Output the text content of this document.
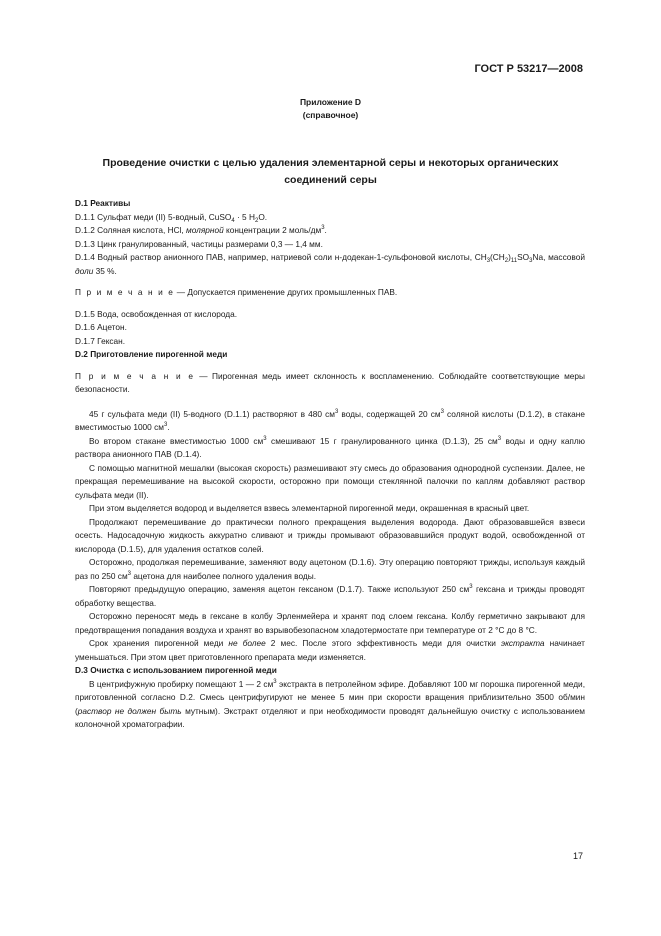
ГОСТ Р 53217—2008
Приложение D
(справочное)
Проведение очистки с целью удаления элементарной серы и некоторых органических
соединений серы

D.1 Реактивы

D.1.1 Сульфат меди (II) 5-водный, CuSO$_4$ · 5 $H_2O$.

D.1.2 Соляная кислота, HCl, молярной концентрации 2 моль/$дм^3$.

D.1.3 Цинк гранулированный, частицы размерами 0,3 — 1,4 мм.

D.1.4 Водный раствор анионного ПАВ, например, натриевой соли н-додекан-1-сульфоновой кислоты, $CH_3(CH_2)_{11}SO_3Na$, массовой доли 35 %.

П р и м е ч а н и е — Допускается применение других промышленных ПАВ.

D.1.5 Вода, освобожденная от кислорода.

D.1.6 Ацетон.

D.1.7 Гексан.

D.2 Приготовление пирогенной меди

П р и м е ч а н и е — Пирогенная медь имеет склонность к воспламенению. Соблюдайте соответствующие меры безопасности.

45 г сульфата меди (II) 5-водного (D.1.1) растворяют в 480 $см^3$ воды, содержащей 20 $см^3$ соляной кислоты (D.1.2), в стакане вместимостью 1000 $см^3$.

Во втором стакане вместимостью 1000 $см^3$ смешивают 15 г гранулированного цинка (D.1.3), 25 $см^3$ воды и одну каплю раствора анионного ПАВ (D.1.4).

С помощью магнитной мешалки (высокая скорость) размешивают эту смесь до образования однородной суспензии. Далее, не прекращая перемешивание на высокой скорости, осторожно при помощи стеклянной палочки по каплям добавляют раствор сульфата меди (II).

При этом выделяется водород и выделяется взвесь элементарной пирогенной меди, окрашенная в красный цвет.

Продолжают перемешивание до практически полного прекращения выделения водорода. Дают образовавшейся взвеси осесть. Надосадочную жидкость аккуратно сливают и трижды промывают образовавшийся продукт водой, освобожденной от кислорода (D.1.5), для удаления остатков солей.

Осторожно, продолжая перемешивание, заменяют воду ацетоном (D.1.6). Эту операцию повторяют трижды, используя каждый раз по 250 $см^3$ ацетона для наиболее полного удаления воды.

Повторяют предыдущую операцию, заменяя ацетон гексаном (D.1.7). Также используют 250 $см^3$ гексана и трижды проводят обработку вещества.

Осторожно переносят медь в гексане в колбу Эрленмейера и хранят под слоем гексана. Колбу герметично закрывают для предотвращения попадания воздуха и хранят во взрывобезопасном хладотермостате при температуре от 2 °С до 8 °С.

Срок хранения пирогенной меди не более 2 мес. После этого эффективность меди для очистки экстракта начинает уменьшаться. При этом цвет приготовленного препарата меди изменяется.

D.3 Очистка с использованием пирогенной меди

В центрифужную пробирку помещают 1 — 2 $см^3$ экстракта в петролейном эфире. Добавляют 100 мг порошка пирогенной меди, приготовленной согласно D.2. Смесь центрифугируют не менее 5 мин при скорости вращения приблизительно 3500 об/мин (раствор не должен быть мутным). Экстракт отделяют и при необходимости проводят дальнейшую очистку с использованием колоночной хроматографии.

17
